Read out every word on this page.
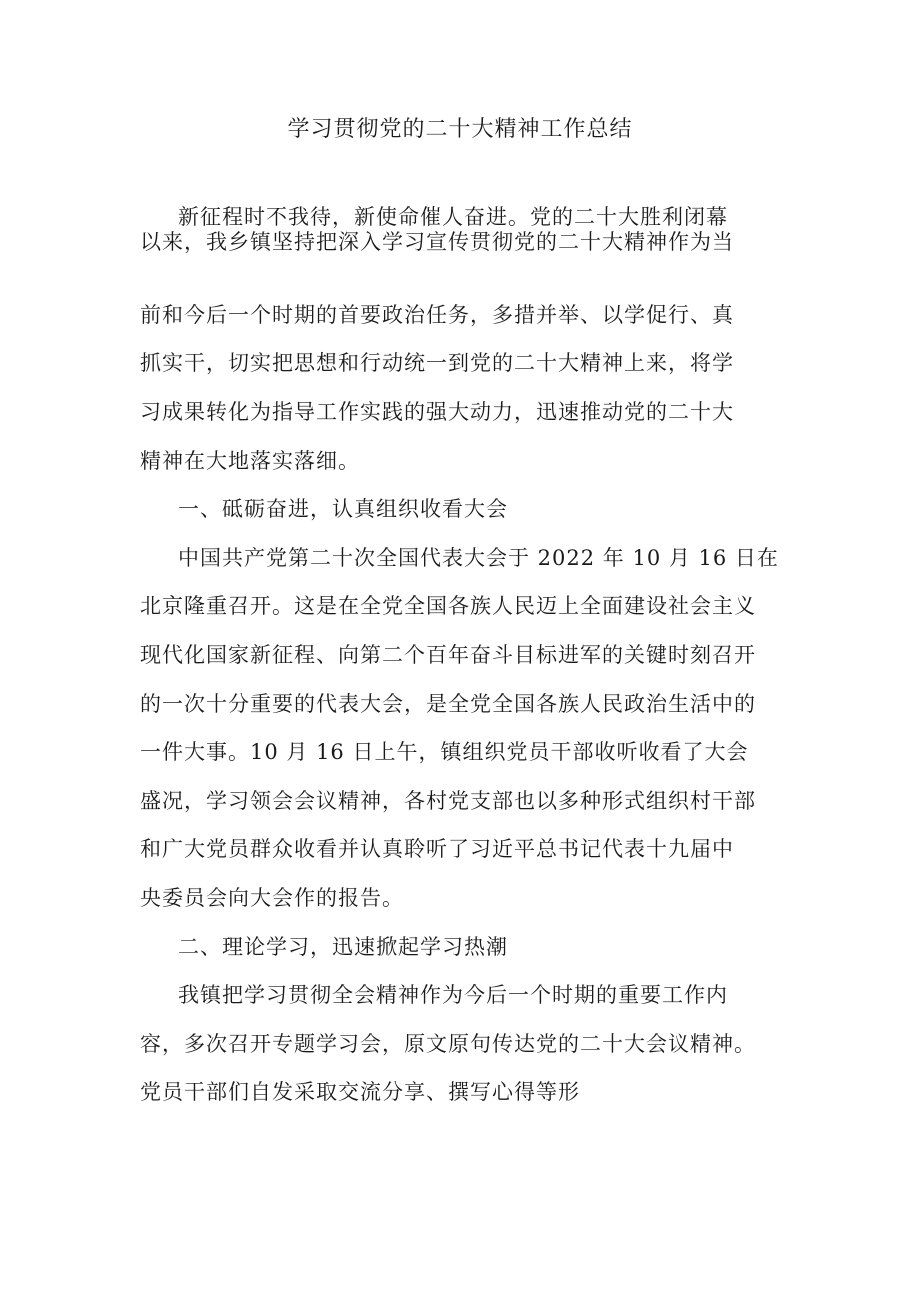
学习贯彻党的二十大精神工作总结
新征程时不我待，新使命催人奋进。党的二十大胜利闭幕
以来，我乡镇坚持把深入学习宣传贯彻党的二十大精神作为当
前和今后一个时期的首要政治任务，多措并举、以学促行、真
抓实干，切实把思想和行动统一到党的二十大精神上来，将学
习成果转化为指导工作实践的强大动力，迅速推动党的二十大
精神在大地落实落细。
一、砥砺奋进，认真组织收看大会
中国共产党第二十次全国代表大会于 2022 年 10 月 16 日在
北京隆重召开。这是在全党全国各族人民迈上全面建设社会主义
现代化国家新征程、向第二个百年奋斗目标进军的关键时刻召开
的一次十分重要的代表大会，是全党全国各族人民政治生活中的
一件大事。10 月 16 日上午，镇组织党员干部收听收看了大会
盛况，学习领会会议精神，各村党支部也以多种形式组织村干部
和广大党员群众收看并认真聆听了习近平总书记代表十九届中
央委员会向大会作的报告。
二、理论学习，迅速掀起学习热潮
我镇把学习贯彻全会精神作为今后一个时期的重要工作内
容，多次召开专题学习会，原文原句传达党的二十大会议精神。
党员干部们自发采取交流分享、撰写心得等形
